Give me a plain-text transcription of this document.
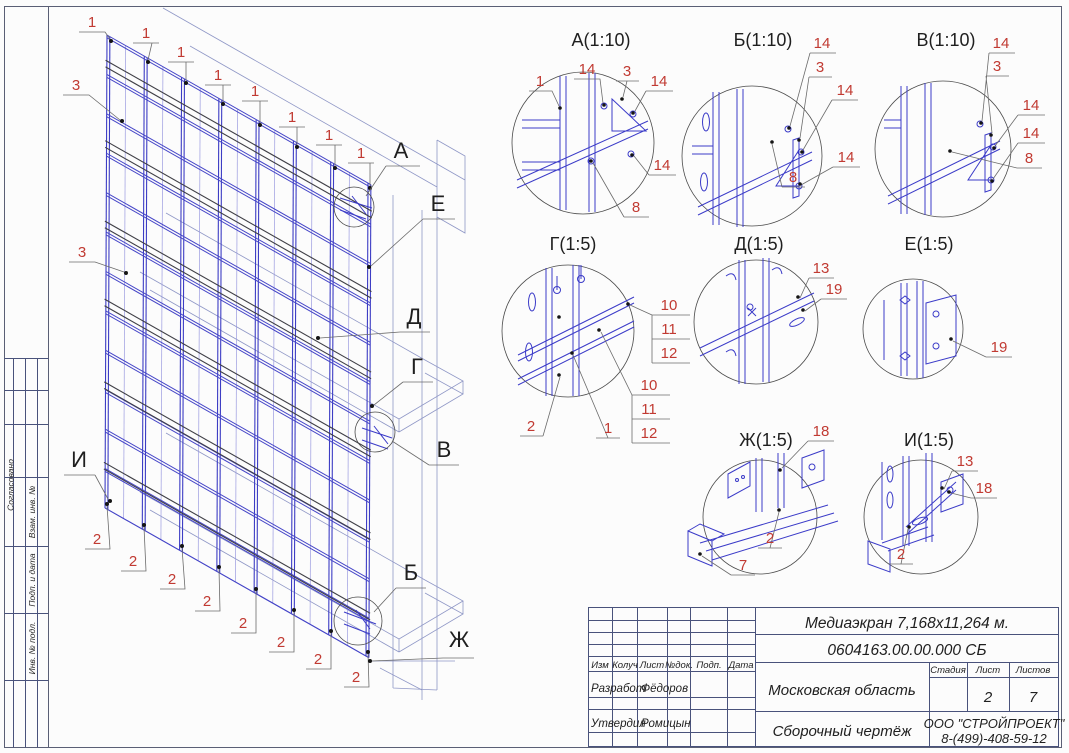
Согласовано
Взам. инв. №
Подп. и дата
Инв. № подл.
1
1
1
1
1
1
1
1
2
2
2
2
2
2
2
2
3
3
А
Е
Д
Г
В
Б
Ж
И
А(1:10)
1
14 3
14
14
8
Б(1:10) 14
3
14
14
8
В(1:10) 14
3
14
14
8
Г(1:5)
10
11
12
10
11
12
2	1
Д(1:5)
13
19
Е(1:5)
19
Ж(1:5) 18
2
7
И(1:5)
13
18
2
Изм Колуч Лист №док. Подп. Дата
Разработ
Фёдоров
Утвердил
Ромицын
Медиаэкран 7,168x11,264 м.
0604163.00.00.000 СБ
Московская область
Сборочный чертёж
Стадия Лист Листов
2 7
ООО "СТРОЙПРОЕКТ"
8-(499)-408-59-12
